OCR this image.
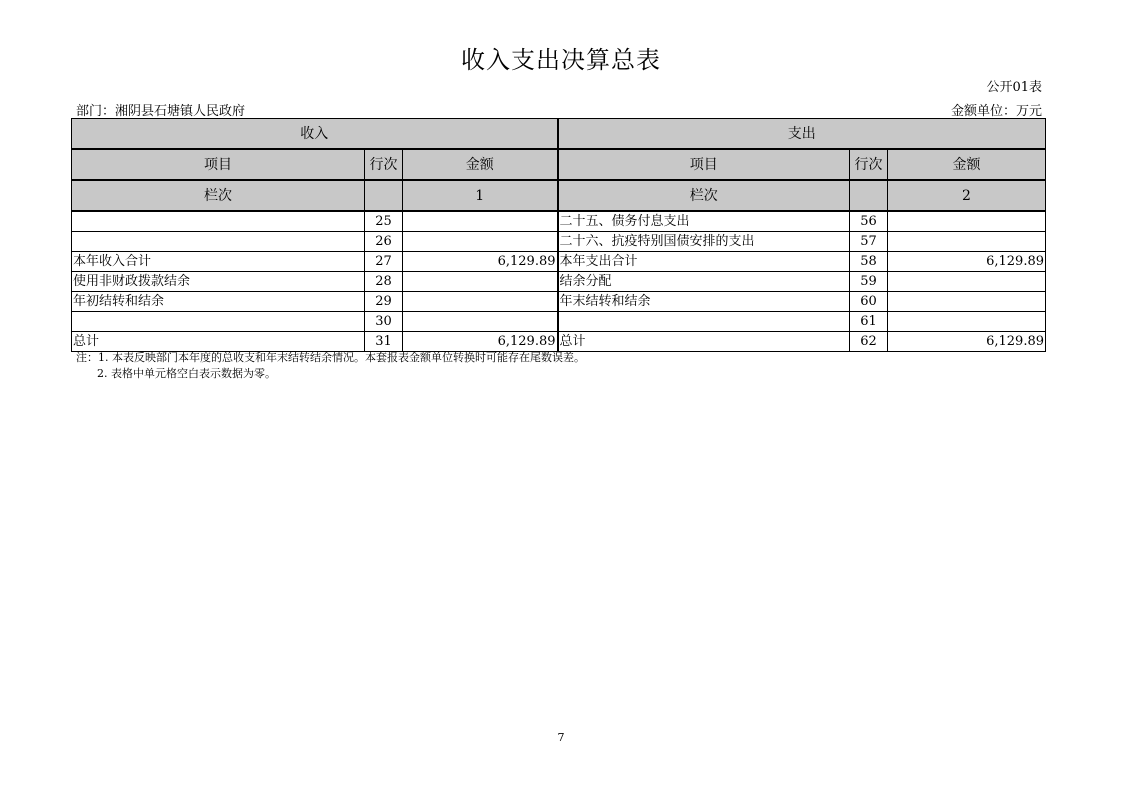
收入支出决算总表
公开01表
部门：湘阴县石塘镇人民政府	金额单位：万元
收入			支出		
项目	行次	金额	项目	行次	金额
栏次		1	栏次		2
	25		二十五、债务付息支出	56	
	26		二十六、抗疫特别国债安排的支出	57	
本年收入合计	27	6,129.89	本年支出合计	58	6,129.89
使用非财政拨款结余	28		结余分配	59	
年初结转和结余	29		年末结转和结余	60	
	30			61	
总计	31	6,129.89	总计	62	6,129.89
注：1. 本表反映部门本年度的总收支和年末结转结余情况。本套报表金额单位转换时可能存在尾数误差。
2. 表格中单元格空白表示数据为零。
7
